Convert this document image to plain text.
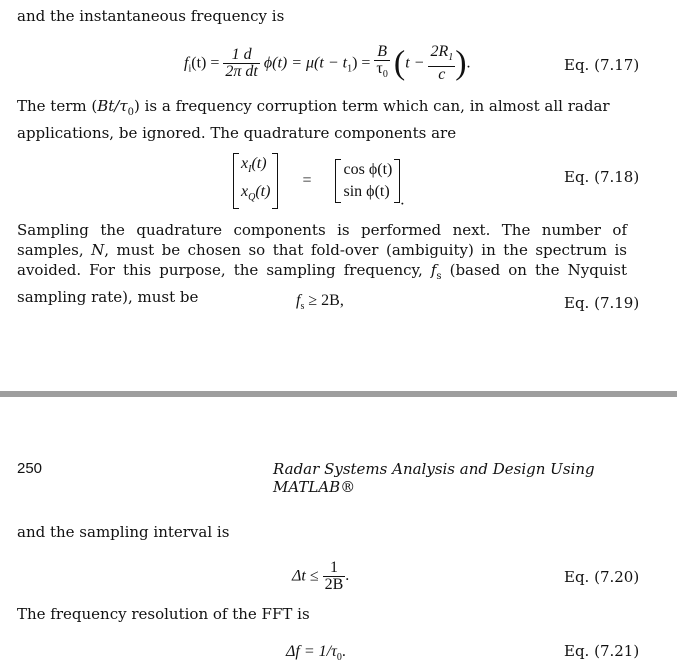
and the instantaneous frequency is
$f_i(t) = \frac{1 d}{\text{2π dt}} \phi(t) = \mu(t - t_1) = \frac{B}{\tau_0} (t - \frac{2R_1}{c}$ ).	Eq. (7.17)
The term $(Bt/\tau_0)$ is a frequency corruption term which can, in almost all radar applications, be ignored. The quadrature components are
$x_I(t)$
$x_Q(t)$
=
cos ϕ(t)
sin ϕ(t) .
Eq. (7.18)
Sampling the quadrature components is performed next. The number of samples, N, must be chosen so that fold-over (ambiguity) in the spectrum is avoided. For this purpose, the sampling frequency, $f_s$ (based on the Nyquist sampling rate), must be	$f_s \ge 2B$,	Eq. (7.19)
250	Radar Systems Analysis and Design Using MATLAB®
and the sampling interval is
$\Delta t \le \frac{1}{2B}$ .	Eq. (7.20)
The frequency resolution of the FFT is
$\Delta f = 1/\tau_0$.	Eq. (7.21)
